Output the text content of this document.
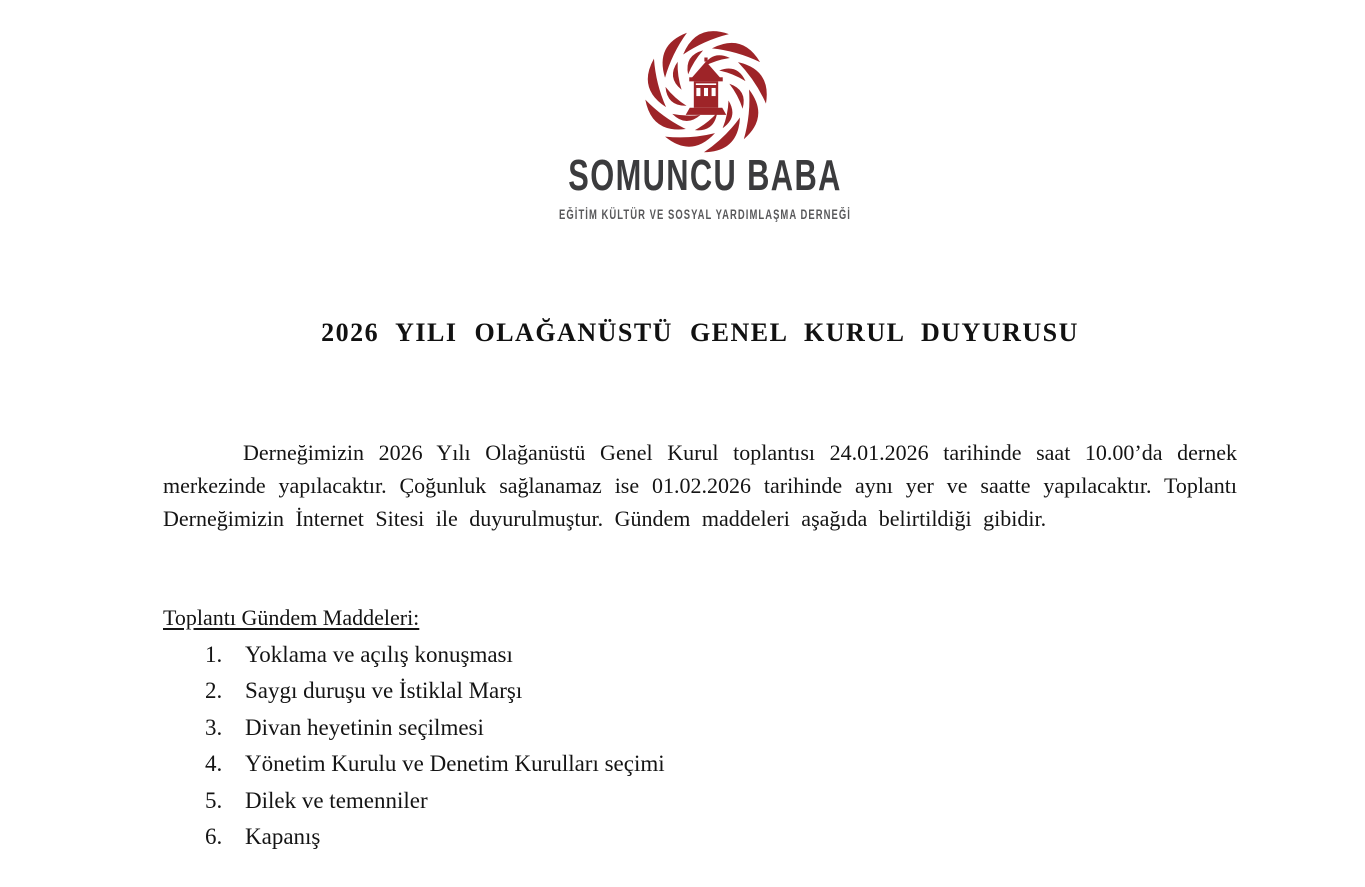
SOMUNCU BABA
EĞİTİM KÜLTÜR VE SOSYAL YARDIMLAŞMA DERNEĞİ
2026 YILI OLAĞANÜSTÜ GENEL KURUL DUYURUSU

Derneğimizin 2026 Yılı Olağanüstü Genel Kurul toplantısı 24.01.2026 tarihinde saat 10.00’da dernek merkezinde yapılacaktır. Çoğunluk sağlanamaz ise 01.02.2026 tarihinde aynı yer ve saatte yapılacaktır. Toplantı Derneğimizin İnternet Sitesi ile duyurulmuştur. Gündem maddeleri aşağıda belirtildiği gibidir.

Toplantı Gündem Maddeleri:
Yoklama ve açılış konuşması
Saygı duruşu ve İstiklal Marşı
Divan heyetinin seçilmesi
Yönetim Kurulu ve Denetim Kurulları seçimi
Dilek ve temenniler
Kapanış
